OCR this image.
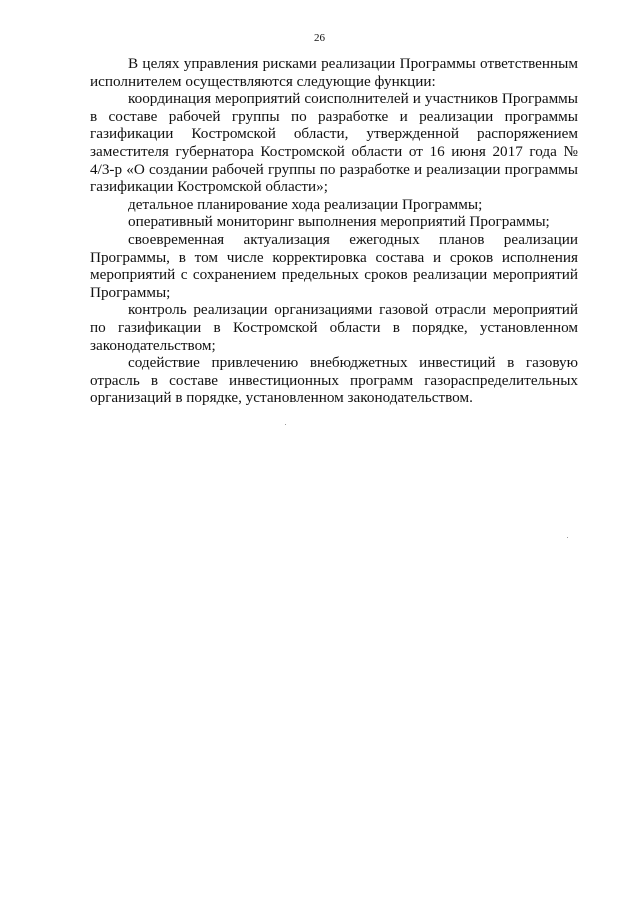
26

В целях управления рисками реализации Программы ответственным исполнителем осуществляются следующие функции:

координация мероприятий соисполнителей и участников Программы в составе рабочей группы по разработке и реализации программы газификации Костромской области, утвержденной распоряжением заместителя губернатора Костромской области от 16 июня 2017 года № 4/3-р «О создании рабочей группы по разработке и реализации программы газификации Костромской области»;

детальное планирование хода реализации Программы;

оперативный мониторинг выполнения мероприятий Программы;

своевременная актуализация ежегодных планов реализации Программы, в том числе корректировка состава и сроков исполнения мероприятий с сохранением предельных сроков реализации мероприятий Программы;

контроль реализации организациями газовой отрасли мероприятий по газификации в Костромской области в порядке, установленном законодательством;

содействие привлечению внебюджетных инвестиций в газовую отрасль в составе инвестиционных программ газораспределительных организаций в порядке, установленном законодательством.
